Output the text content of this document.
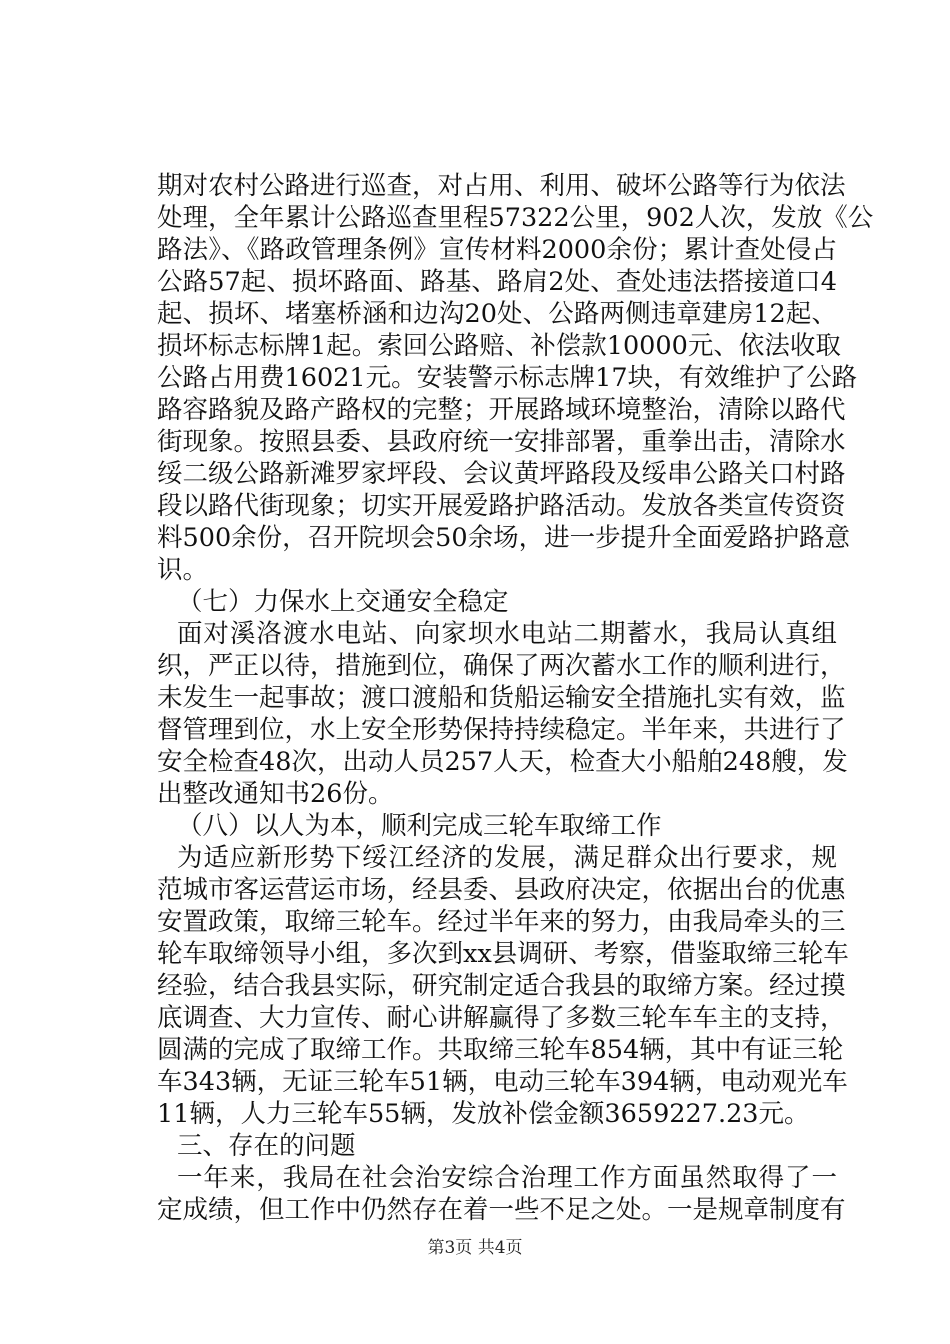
期对农村公路进行巡查，对占用、利用、破坏公路等行为依法
处理，全年累计公路巡查里程57322公里，902人次，发放《公
路法》、《路政管理条例》宣传材料2000余份；累计查处侵占
公路57起、损坏路面、路基、路肩2处、查处违法搭接道口4
起、损坏、堵塞桥涵和边沟20处、公路两侧违章建房12起、
损坏标志标牌1起。索回公路赔、补偿款10000元、依法收取
公路占用费16021元。安装警示标志牌17块，有效维护了公路
路容路貌及路产路权的完整；开展路域环境整治，清除以路代
街现象。按照县委、县政府统一安排部署，重拳出击，清除水
绥二级公路新滩罗家坪段、会议黄坪路段及绥串公路关口村路
段以路代街现象；切实开展爱路护路活动。发放各类宣传资资
料500余份，召开院坝会50余场，进一步提升全面爱路护路意
识。
（七）力保水上交通安全稳定
面对溪洛渡水电站、向家坝水电站二期蓄水，我局认真组
织，严正以待，措施到位，确保了两次蓄水工作的顺利进行，
未发生一起事故；渡口渡船和货船运输安全措施扎实有效，监
督管理到位，水上安全形势保持持续稳定。半年来，共进行了
安全检查48次，出动人员257人天，检查大小船舶248艘，发
出整改通知书26份。
（八）以人为本，顺利完成三轮车取缔工作
为适应新形势下绥江经济的发展，满足群众出行要求，规
范城市客运营运市场，经县委、县政府决定，依据出台的优惠
安置政策，取缔三轮车。经过半年来的努力，由我局牵头的三
轮车取缔领导小组，多次到xx县调研、考察，借鉴取缔三轮车
经验，结合我县实际，研究制定适合我县的取缔方案。经过摸
底调查、大力宣传、耐心讲解赢得了多数三轮车车主的支持，
圆满的完成了取缔工作。共取缔三轮车854辆，其中有证三轮
车343辆，无证三轮车51辆，电动三轮车394辆，电动观光车
11辆，人力三轮车55辆，发放补偿金额3659227.23元。
三、存在的问题
一年来，我局在社会治安综合治理工作方面虽然取得了一
定成绩，但工作中仍然存在着一些不足之处。一是规章制度有
第3页 共4页
